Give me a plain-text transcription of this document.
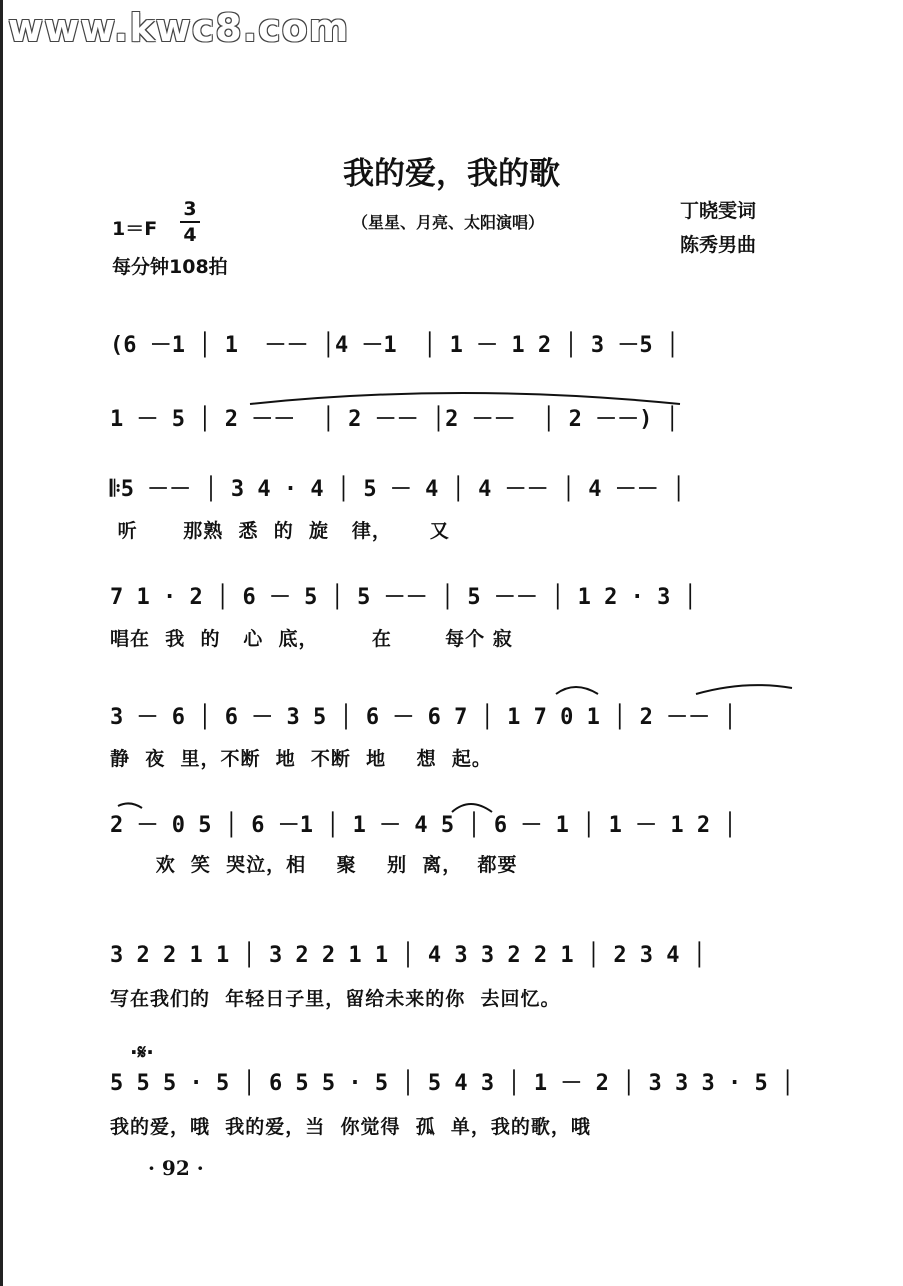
www.kwc8.com
我的爱，我的歌
1＝F
3
4
每分钟108拍
（星星、月亮、太阳演唱）
丁晓雯词
陈秀男曲
(6 －1 │ 1  －－ │4 －1  │ 1 － 1 2 │ 3 －5 │
1 － 5 │ 2 －－  │ 2 －－ │2 －－  │ 2 －－) │
𝄆5 －－ │ 3 4 · 4 │ 5 － 4 │ 4 －－ │ 4 －－ │
听      那熟  悉  的  旋   律，     又
7 1 · 2 │ 6 － 5 │ 5 －－ │ 5 －－ │ 1 2 · 3 │
唱在  我  的   心  底，       在       每个 寂
3 － 6 │ 6 － 3 5 │ 6 － 6 7 │ 1 7 0 1 │ 2 －－ │
静  夜  里，不断  地  不断  地    想  起。
2 － 0 5 │ 6 －1 │ 1 － 4 5 │ 6 － 1 │ 1 － 1 2 │
欢  笑  哭泣，相    聚    别  离，  都要
3 2 2 1 1 │ 3 2 2 1 1 │ 4 3 3 2 2 1 │ 2 3 4 │
写在我们的  年轻日子里，留给未来的你  去回忆。
·𝄋·
5 5 5 · 5 │ 6 5 5 · 5 │ 5 4 3 │ 1 － 2 │ 3 3 3 · 5 │
我的爱，哦  我的爱，当  你觉得  孤  单，我的歌，哦
· 92 ·
